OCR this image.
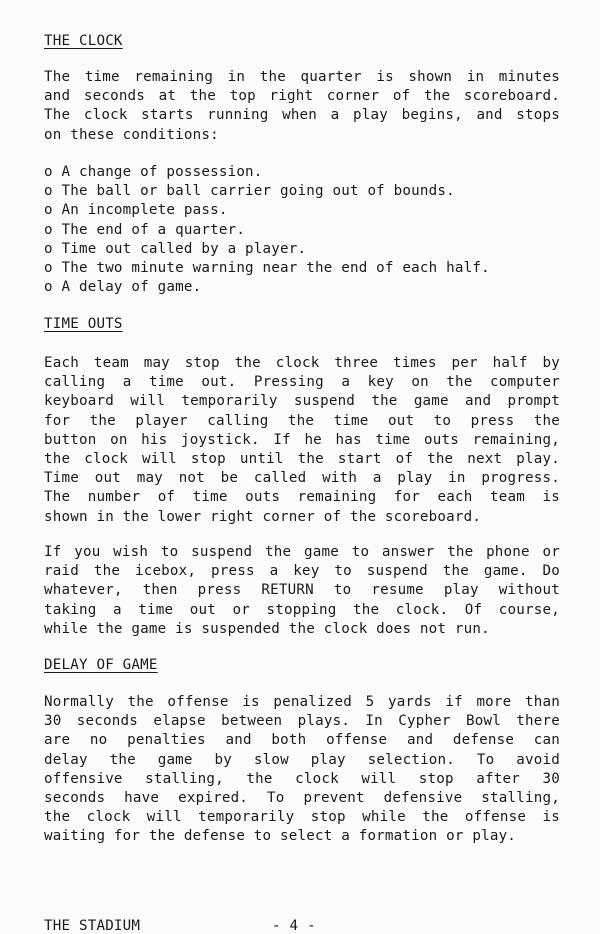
THE CLOCK
The time remaining in the quarter is shown in minutes
and seconds at the top right corner of the scoreboard.
The clock starts running when a play begins, and stops
on these conditions:
o A change of possession.
o The ball or ball carrier going out of bounds.
o An incomplete pass.
o The end of a quarter.
o Time out called by a player.
o The two minute warning near the end of each half.
o A delay of game.
TIME OUTS
Each team may stop the clock three times per half by
calling a time out. Pressing a key on the computer
keyboard will temporarily suspend the game and prompt
for the player calling the time out to press the
button on his joystick. If he has time outs remaining,
the clock will stop until the start of the next play.
Time out may not be called with a play in progress.
The number of time outs remaining for each team is
shown in the lower right corner of the scoreboard.
If you wish to suspend the game to answer the phone or
raid the icebox, press a key to suspend the game. Do
whatever, then press RETURN to resume play without
taking a time out or stopping the clock. Of course,
while the game is suspended the clock does not run.
DELAY OF GAME
Normally the offense is penalized 5 yards if more than
30 seconds elapse between plays. In Cypher Bowl there
are no penalties and both offense and defense can
delay the game by slow play selection. To avoid
offensive stalling, the clock will stop after 30
seconds have expired. To prevent defensive stalling,
the clock will temporarily stop while the offense is
waiting for the defense to select a formation or play.
THE STADIUM	- 4 -
